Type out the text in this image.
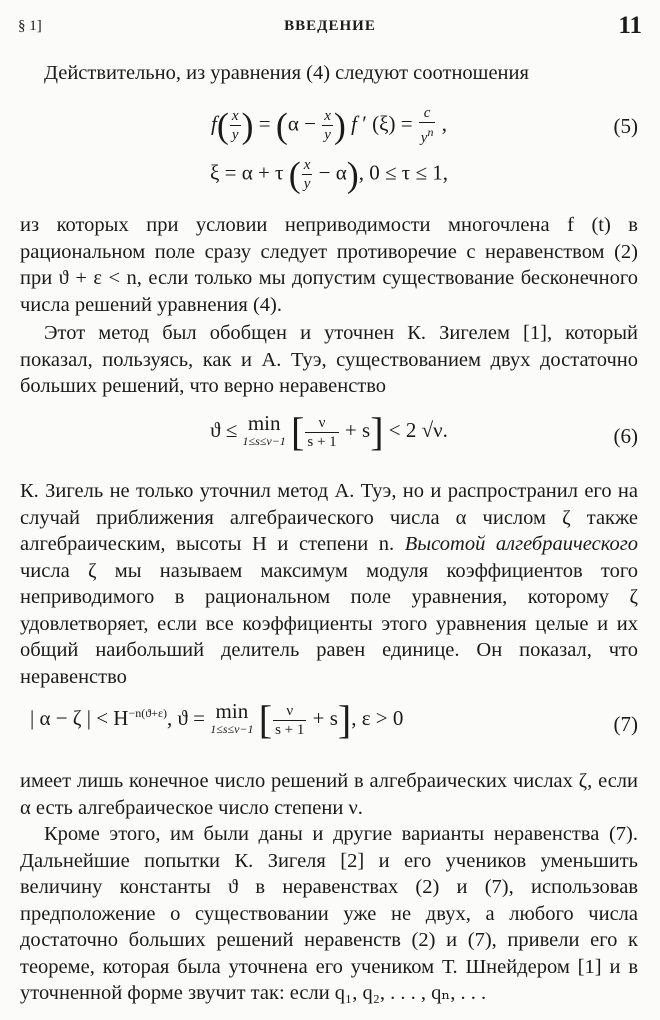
§ 1]	ВВЕДЕНИЕ	11

Действительно, из уравнения (4) следуют соотношения

$f( \frac{x}{y}$ ) = ($\alpha - \frac{x}{y}$ ) f ′ $(\xi) = \frac{c}{y^n}$ ,	(5)
ξ = α + τ ( $\frac{x}{y} - \alpha$), 0 ≤ τ ≤ 1,

из которых при условии неприводимости многочлена f (t) в рациональном поле сразу следует противоречие с неравенством (2) при ϑ + ε < n, если только мы допустим существование бесконечного числа решений уравнения (4).

Этот метод был обобщен и уточнен К. Зигелем [1], который показал, пользуясь, как и А. Туэ, существованием двух достаточно больших решений, что верно неравенство

ϑ ≤ min
1≤s≤ν−1 [ $\frac{\nu}{s + 1} + s] < 2$ √ν.	(6)

К. Зигель не только уточнил метод А. Туэ, но и распространил его на случай приближения алгебраического числа α числом ζ также алгебраическим, высоты H и степени n. Высотой алгебраического числа ζ мы называем максимум модуля коэффициентов того неприводимого в рациональном поле уравнения, которому ζ удовлетворяет, если все коэффициенты этого уравнения целые и их общий наибольший делитель равен единице. Он показал, что неравенство

| α − ζ | < $H^{-n(ϑ+\varepsilon)}$, ϑ = min
1≤s≤ν−1 [ $\frac{\nu}{s + 1} + s$], ε > 0	(7)

имеет лишь конечное число решений в алгебраических числах ζ, если α есть алгебраическое число степени ν.

Кроме этого, им были даны и другие варианты неравенства (7). Дальнейшие попытки К. Зигеля [2] и его учеников уменьшить величину константы ϑ в неравенствах (2) и (7), использовав предположение о существовании уже не двух, а любого числа достаточно больших решений неравенств (2) и (7), привели его к теореме, которая была уточнена его учеником Т. Шнейдером [1] и в уточненной форме звучит так: если q₁, q₂, . . . , qₙ, . . .
